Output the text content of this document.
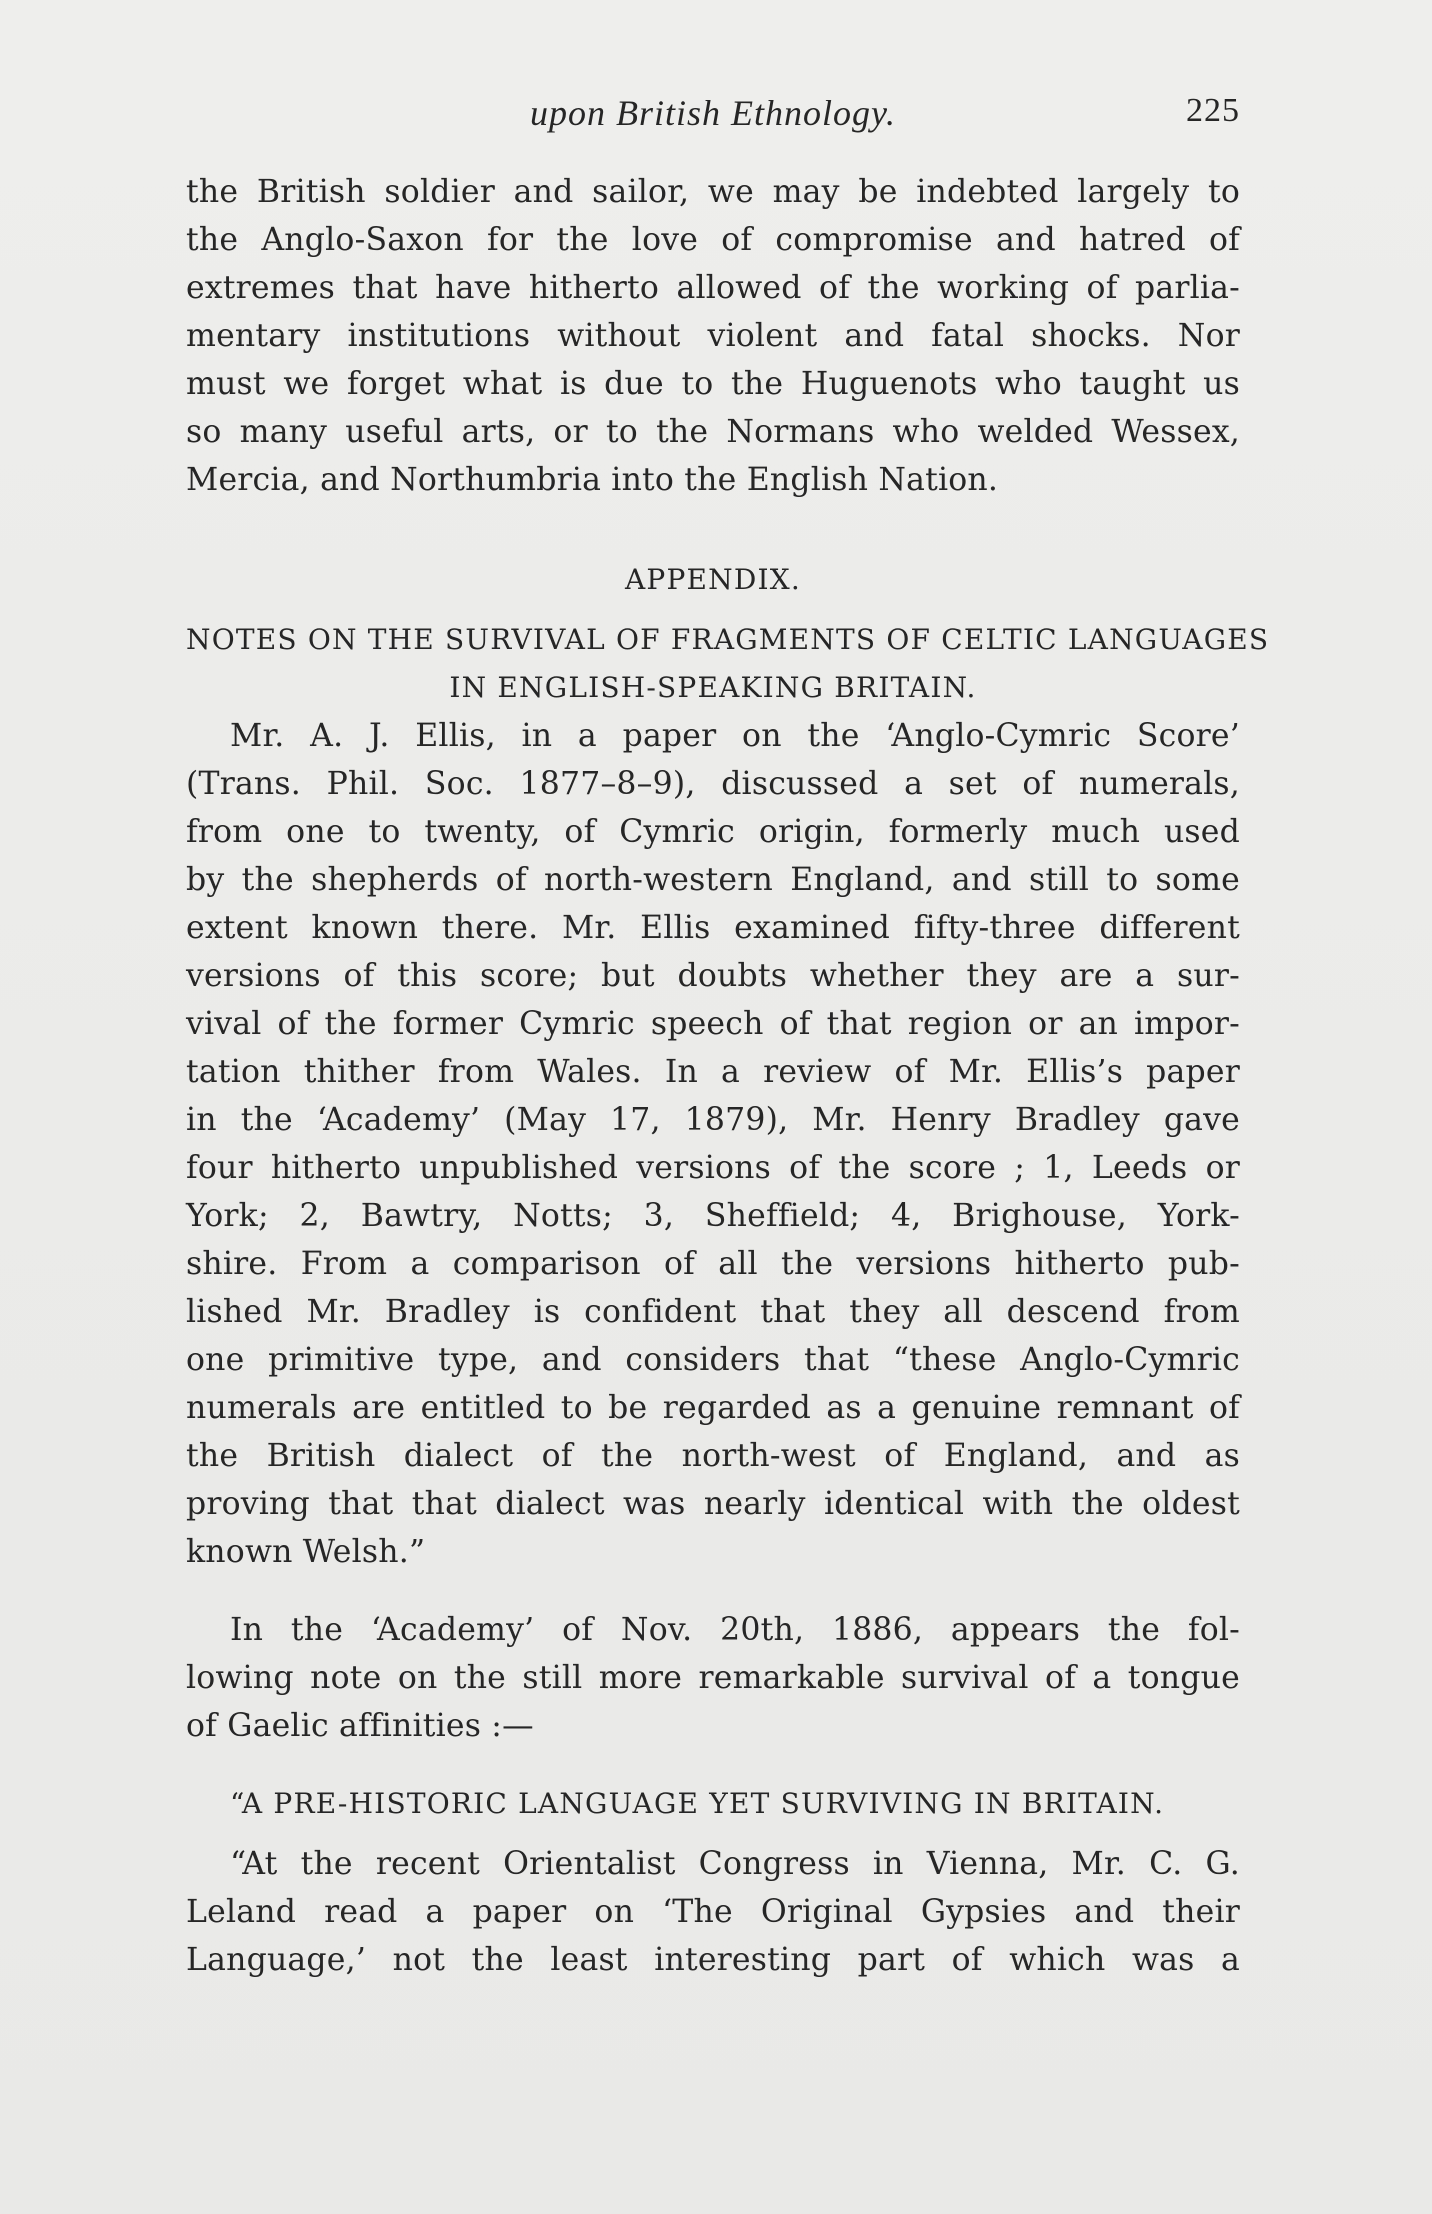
upon British Ethnology.	225
the British soldier and sailor, we may be indebted largely to
the Anglo-Saxon for the love of compromise and hatred of
extremes that have hitherto allowed of the working of parlia-
mentary institutions without violent and fatal shocks. Nor
must we forget what is due to the Huguenots who taught us
so many useful arts, or to the Normans who welded Wessex,
Mercia, and Northumbria into the English Nation.
APPENDIX.
NOTES ON THE SURVIVAL OF FRAGMENTS OF CELTIC LANGUAGES
IN ENGLISH-SPEAKING BRITAIN.
Mr. A. J. Ellis, in a paper on the ‘Anglo-Cymric Score’
(Trans. Phil. Soc. 1877–8–9), discussed a set of numerals,
from one to twenty, of Cymric origin, formerly much used
by the shepherds of north-western England, and still to some
extent known there. Mr. Ellis examined fifty-three different
versions of this score; but doubts whether they are a sur-
vival of the former Cymric speech of that region or an impor-
tation thither from Wales. In a review of Mr. Ellis’s paper
in the ‘Academy’ (May 17, 1879), Mr. Henry Bradley gave
four hitherto unpublished versions of the score ; 1, Leeds or
York; 2, Bawtry, Notts; 3, Sheffield; 4, Brighouse, York-
shire. From a comparison of all the versions hitherto pub-
lished Mr. Bradley is confident that they all descend from
one primitive type, and considers that “these Anglo-Cymric
numerals are entitled to be regarded as a genuine remnant of
the British dialect of the north-west of England, and as
proving that that dialect was nearly identical with the oldest
known Welsh.”
In the ‘Academy’ of Nov. 20th, 1886, appears the fol-
lowing note on the still more remarkable survival of a tongue
of Gaelic affinities :—
“A PRE-HISTORIC LANGUAGE YET SURVIVING IN BRITAIN.
“At the recent Orientalist Congress in Vienna, Mr. C. G.
Leland read a paper on ‘The Original Gypsies and their
Language,’ not the least interesting part of which was a
